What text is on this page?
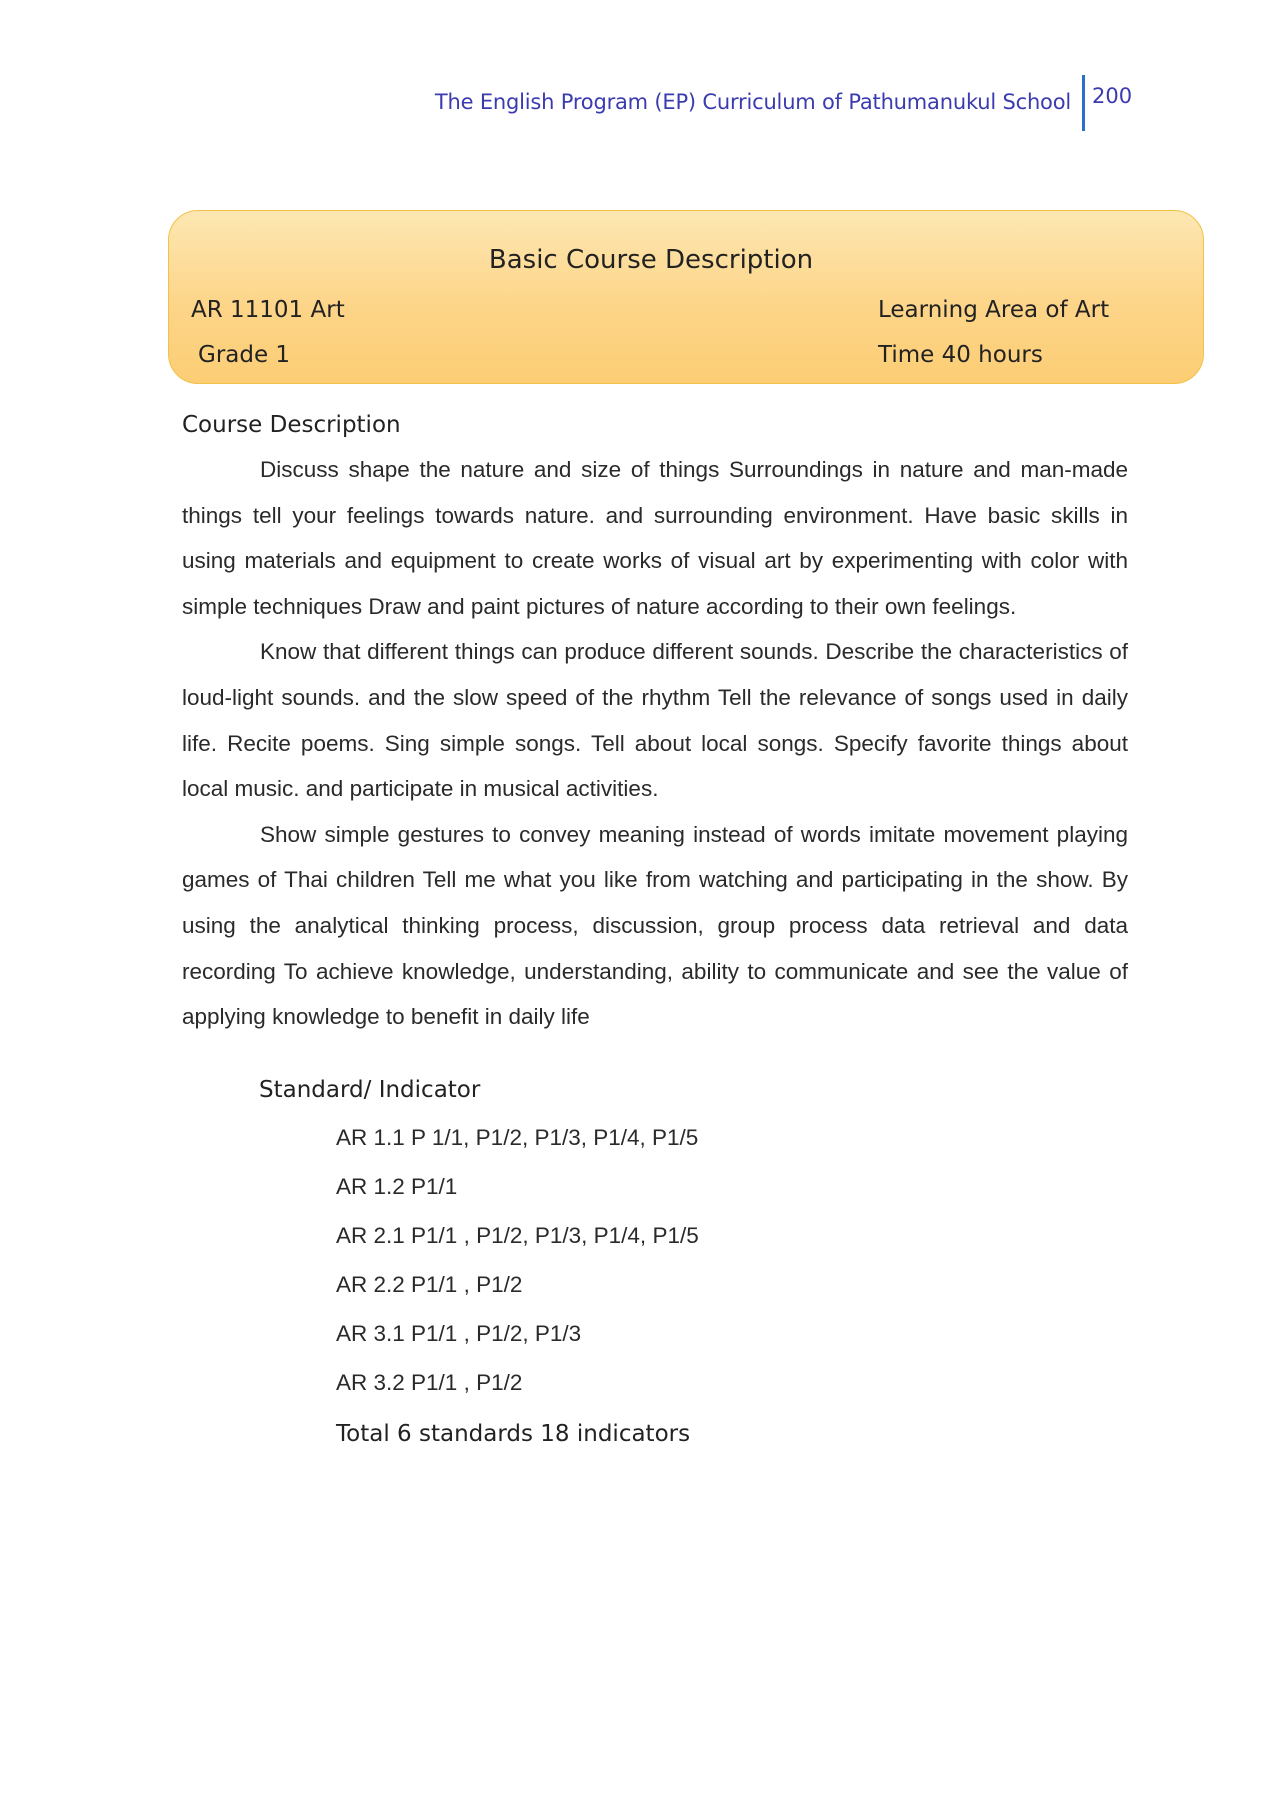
The English Program (EP) Curriculum of Pathumanukul School 200
Basic Course Description
AR 11101 Art
Grade 1
Learning Area of Art
Time 40 hours
Course Description

Discuss shape the nature and size of things Surroundings in nature and man-made things tell your feelings towards nature. and surrounding environment. Have basic skills in using materials and equipment to create works of visual art by experimenting with color with simple techniques Draw and paint pictures of nature according to their own feelings.

Know that different things can produce different sounds. Describe the characteristics of loud-light sounds. and the slow speed of the rhythm Tell the relevance of songs used in daily life. Recite poems. Sing simple songs. Tell about local songs. Specify favorite things about local music. and participate in musical activities.

Show simple gestures to convey meaning instead of words imitate movement playing games of Thai children Tell me what you like from watching and participating in the show. By using the analytical thinking process, discussion, group process data retrieval and data recording To achieve knowledge, understanding, ability to communicate and see the value of applying knowledge to benefit in daily life

Standard/ Indicator
AR 1.1 P 1/1, P1/2, P1/3, P1/4, P1/5
AR 1.2 P1/1
AR 2.1 P1/1 , P1/2, P1/3, P1/4, P1/5
AR 2.2 P1/1 , P1/2
AR 3.1 P1/1 , P1/2, P1/3
AR 3.2 P1/1 , P1/2
Total 6 standards 18 indicators
